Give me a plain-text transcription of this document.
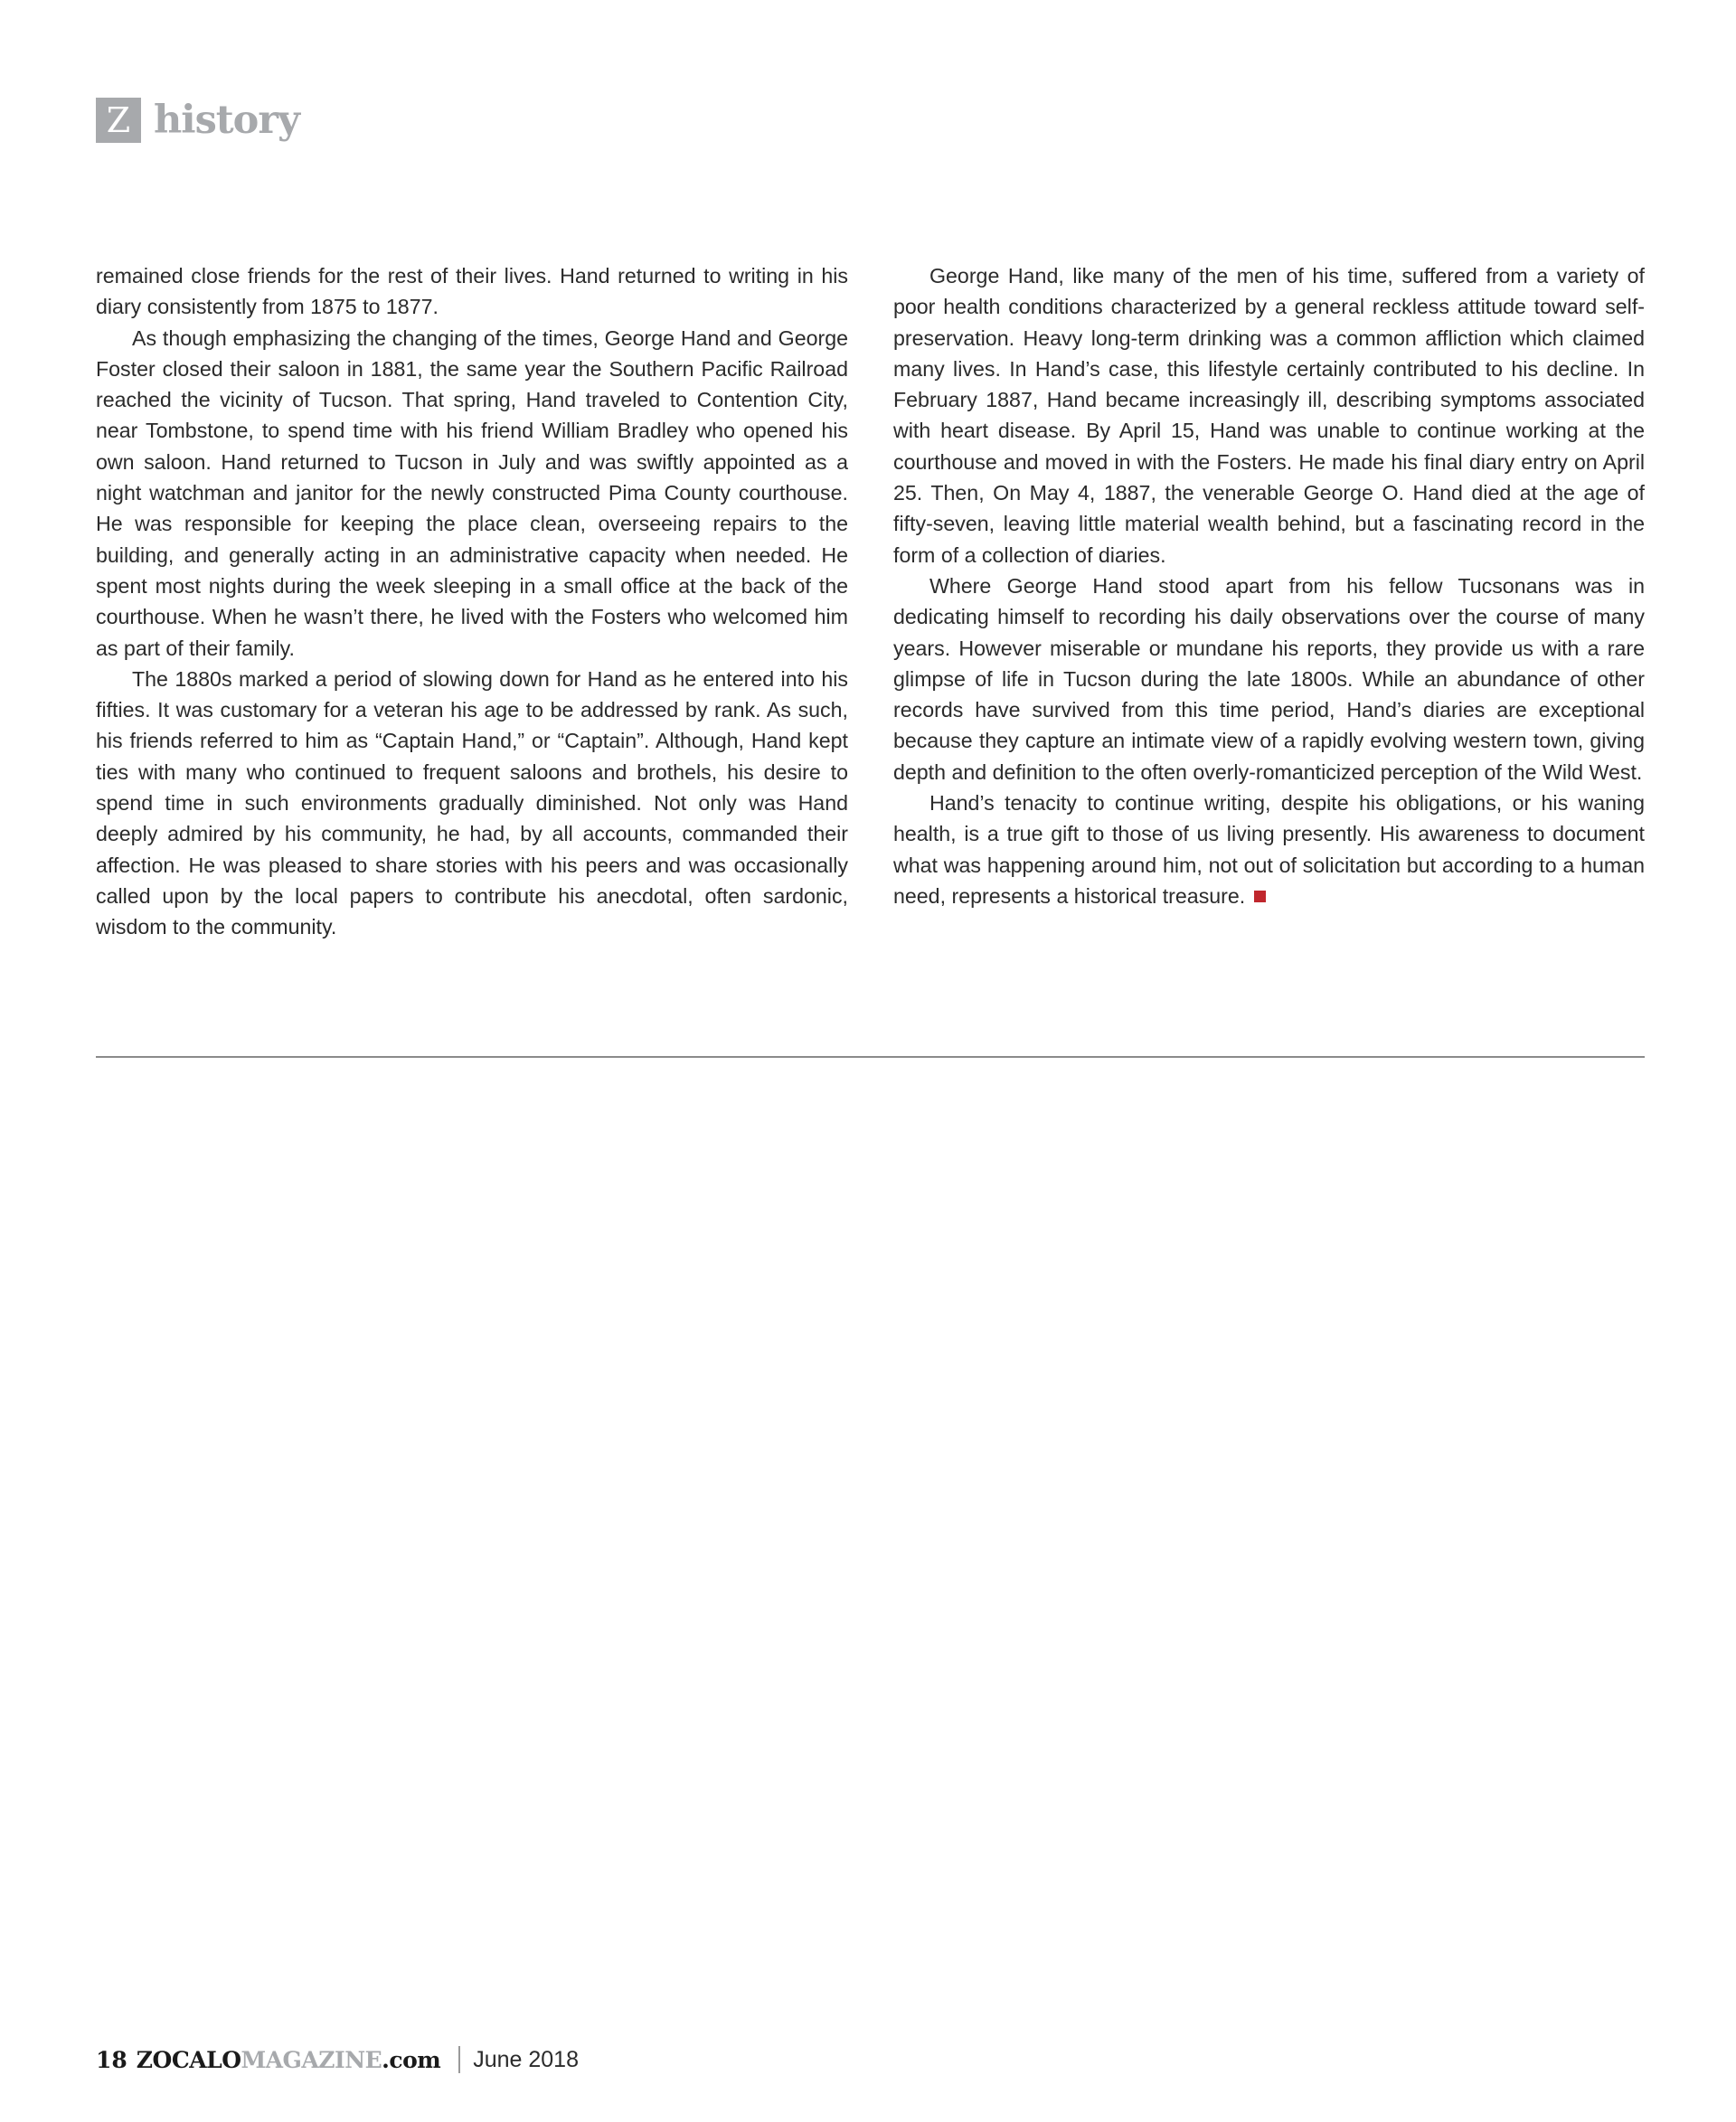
Z history

remained close friends for the rest of their lives. Hand returned to writing in his diary consistently from 1875 to 1877.

As though emphasizing the changing of the times, George Hand and George Foster closed their saloon in 1881, the same year the Southern Pacific Railroad reached the vicinity of Tucson. That spring, Hand traveled to Contention City, near Tombstone, to spend time with his friend William Bradley who opened his own saloon. Hand returned to Tucson in July and was swiftly appointed as a night watchman and janitor for the newly constructed Pima County courthouse. He was responsible for keeping the place clean, overseeing repairs to the building, and generally acting in an administrative capacity when needed. He spent most nights during the week sleeping in a small office at the back of the courthouse. When he wasn’t there, he lived with the Fosters who welcomed him as part of their family.

The 1880s marked a period of slowing down for Hand as he entered into his fifties. It was customary for a veteran his age to be addressed by rank. As such, his friends referred to him as “Captain Hand,” or “Captain”. Although, Hand kept ties with many who continued to frequent saloons and brothels, his desire to spend time in such environments gradually diminished. Not only was Hand deeply admired by his community, he had, by all accounts, commanded their affection. He was pleased to share stories with his peers and was occasionally called upon by the local papers to contribute his anecdotal, often sardonic, wisdom to the community.

George Hand, like many of the men of his time, suffered from a variety of poor health conditions characterized by a general reckless attitude toward self-preservation. Heavy long-term drinking was a common affliction which claimed many lives. In Hand’s case, this lifestyle certainly contributed to his decline. In February 1887, Hand became increasingly ill, describing symptoms associated with heart disease. By April 15, Hand was unable to continue working at the courthouse and moved in with the Fosters. He made his final diary entry on April 25. Then, On May 4, 1887, the venerable George O. Hand died at the age of fifty-seven, leaving little material wealth behind, but a fascinating record in the form of a collection of diaries.

Where George Hand stood apart from his fellow Tucsonans was in dedicating himself to recording his daily observations over the course of many years. However miserable or mundane his reports, they provide us with a rare glimpse of life in Tucson during the late 1800s. While an abundance of other records have survived from this time period, Hand’s diaries are exceptional because they capture an intimate view of a rapidly evolving western town, giving depth and definition to the often overly-romanticized perception of the Wild West.

Hand’s tenacity to continue writing, despite his obligations, or his waning health, is a true gift to those of us living presently. His awareness to document what was happening around him, not out of solicitation but according to a human need, represents a historical treasure.

18 ZOCALOMAGAZINE.com June 2018
